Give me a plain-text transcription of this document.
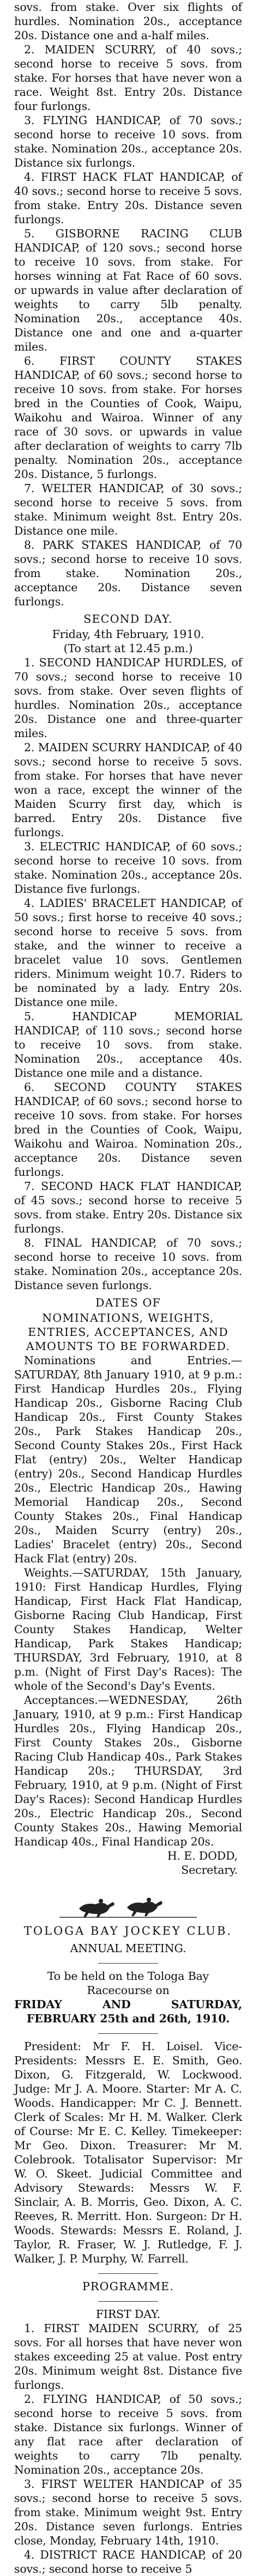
sovs. from stake. Over six flights of hurdles. Nomination 20s., acceptance 20s. Distance one and a-half miles.

2. MAIDEN SCURRY, of 40 sovs.; second horse to receive 5 sovs. from stake. For horses that have never won a race. Weight 8st. Entry 20s. Distance four furlongs.

3. FLYING HANDICAP, of 70 sovs.; second horse to receive 10 sovs. from stake. Nomination 20s., acceptance 20s. Distance six furlongs.

4. FIRST HACK FLAT HANDICAP, of 40 sovs.; second horse to receive 5 sovs. from stake. Entry 20s. Distance seven furlongs.

5. GISBORNE RACING CLUB HANDICAP, of 120 sovs.; second horse to receive 10 sovs. from stake. For horses winning at Fat Race of 60 sovs. or upwards in value after declaration of weights to carry 5lb penalty. Nomination 20s., acceptance 40s. Distance one and one and a-quarter miles.

6. FIRST COUNTY STAKES HANDICAP, of 60 sovs.; second horse to receive 10 sovs. from stake. For horses bred in the Counties of Cook, Waipu, Waikohu and Wairoa. Winner of any race of 30 sovs. or upwards in value after declaration of weights to carry 7lb penalty. Nomination 20s., acceptance 20s. Distance, 5 furlongs.

7. WELTER HANDICAP, of 30 sovs.; second horse to receive 5 sovs. from stake. Minimum weight 8st. Entry 20s. Distance one mile.

8. PARK STAKES HANDICAP, of 70 sovs.; second horse to receive 10 sovs. from stake. Nomination 20s., acceptance 20s. Distance seven furlongs.

SECOND DAY.

Friday, 4th February, 1910.

(To start at 12.45 p.m.)

1. SECOND HANDICAP HURDLES, of 70 sovs.; second horse to receive 10 sovs. from stake. Over seven flights of hurdles. Nomination 20s., acceptance 20s. Distance one and three-quarter miles.

2. MAIDEN SCURRY HANDICAP, of 40 sovs.; second horse to receive 5 sovs. from stake. For horses that have never won a race, except the winner of the Maiden Scurry first day, which is barred. Entry 20s. Distance five furlongs.

3. ELECTRIC HANDICAP, of 60 sovs.; second horse to receive 10 sovs. from stake. Nomination 20s., acceptance 20s. Distance five furlongs.

4. LADIES' BRACELET HANDICAP, of 50 sovs.; first horse to receive 40 sovs.; second horse to receive 5 sovs. from stake, and the winner to receive a bracelet value 10 sovs. Gentlemen riders. Minimum weight 10.7. Riders to be nominated by a lady. Entry 20s. Distance one mile.

5. HANDICAP MEMORIAL HANDICAP, of 110 sovs.; second horse to receive 10 sovs. from stake. Nomination 20s., acceptance 40s. Distance one mile and a distance.

6. SECOND COUNTY STAKES HANDICAP, of 60 sovs.; second horse to receive 10 sovs. from stake. For horses bred in the Counties of Cook, Waipu, Waikohu and Wairoa. Nomination 20s., acceptance 20s. Distance seven furlongs.

7. SECOND HACK FLAT HANDICAP, of 45 sovs.; second horse to receive 5 sovs. from stake. Entry 20s. Distance six furlongs.

8. FINAL HANDICAP, of 70 sovs.; second horse to receive 10 sovs. from stake. Nomination 20s., acceptance 20s. Distance seven furlongs.

DATES OF

NOMINATIONS, WEIGHTS, ENTRIES, ACCEPTANCES, AND AMOUNTS TO BE FORWARDED.

Nominations and Entries.—SATURDAY, 8th January 1910, at 9 p.m.: First Handicap Hurdles 20s., Flying Handicap 20s., Gisborne Racing Club Handicap 20s., First County Stakes 20s., Park Stakes Handicap 20s., Second County Stakes 20s., First Hack Flat (entry) 20s., Welter Handicap (entry) 20s., Second Handicap Hurdles 20s., Electric Handicap 20s., Hawing Memorial Handicap 20s., Second County Stakes 20s., Final Handicap 20s., Maiden Scurry (entry) 20s., Ladies' Bracelet (entry) 20s., Second Hack Flat (entry) 20s.

Weights.—SATURDAY, 15th January, 1910: First Handicap Hurdles, Flying Handicap, First Hack Flat Handicap, Gisborne Racing Club Handicap, First County Stakes Handicap, Welter Handicap, Park Stakes Handicap; THURSDAY, 3rd February, 1910, at 8 p.m. (Night of First Day's Races): The whole of the Second's Day's Events.

Acceptances.—WEDNESDAY, 26th January, 1910, at 9 p.m.: First Handicap Hurdles 20s., Flying Handicap 20s., First County Stakes 20s., Gisborne Racing Club Handicap 40s., Park Stakes Handicap 20s.; THURSDAY, 3rd February, 1910, at 9 p.m. (Night of First Day's Races): Second Handicap Hurdles 20s., Electric Handicap 20s., Second County Stakes 20s., Hawing Memorial Handicap 40s., Final Handicap 20s.

H. E. DODD,

Secretary.

TOLOGA BAY JOCKEY CLUB.

ANNUAL MEETING.

To be held on the Tologa Bay

Racecourse on

FRIDAY	AND	SATURDAY,

FEBRUARY 25th and 26th, 1910.

President: Mr F. H. Loisel. Vice-Presidents: Messrs E. E. Smith, Geo. Dixon, G. Fitzgerald, W. Lockwood. Judge: Mr J. A. Moore. Starter: Mr A. C. Woods. Handicapper: Mr C. J. Bennett. Clerk of Scales: Mr H. M. Walker. Clerk of Course: Mr E. C. Kelley. Timekeeper: Mr Geo. Dixon. Treasurer: Mr M. Colebrook. Totalisator Supervisor: Mr W. O. Skeet. Judicial Committee and Advisory Stewards: Messrs W. F. Sinclair, A. B. Morris, Geo. Dixon, A. C. Reeves, R. Merritt. Hon. Surgeon: Dr H. Woods. Stewards: Messrs E. Roland, J. Taylor, R. Fraser, W. J. Rutledge, F. J. Walker, J. P. Murphy, W. Farrell.

PROGRAMME.

FIRST DAY.

1. FIRST MAIDEN SCURRY, of 25 sovs. For all horses that have never won stakes exceeding 25 at value. Post entry 20s. Minimum weight 8st. Distance five furlongs.

2. FLYING HANDICAP, of 50 sovs.; second horse to receive 5 sovs. from stake. Distance six furlongs. Winner of any flat race after declaration of weights to carry 7lb penalty. Nomination 20s., acceptance 20s.

3. FIRST WELTER HANDICAP of 35 sovs.; second horse to receive 5 sovs. from stake. Minimum weight 9st. Entry 20s. Distance seven furlongs. Entries close, Monday, February 14th, 1910.

4. DISTRICT RACE HANDICAP, of 20 sovs.; second horse to receive 5
